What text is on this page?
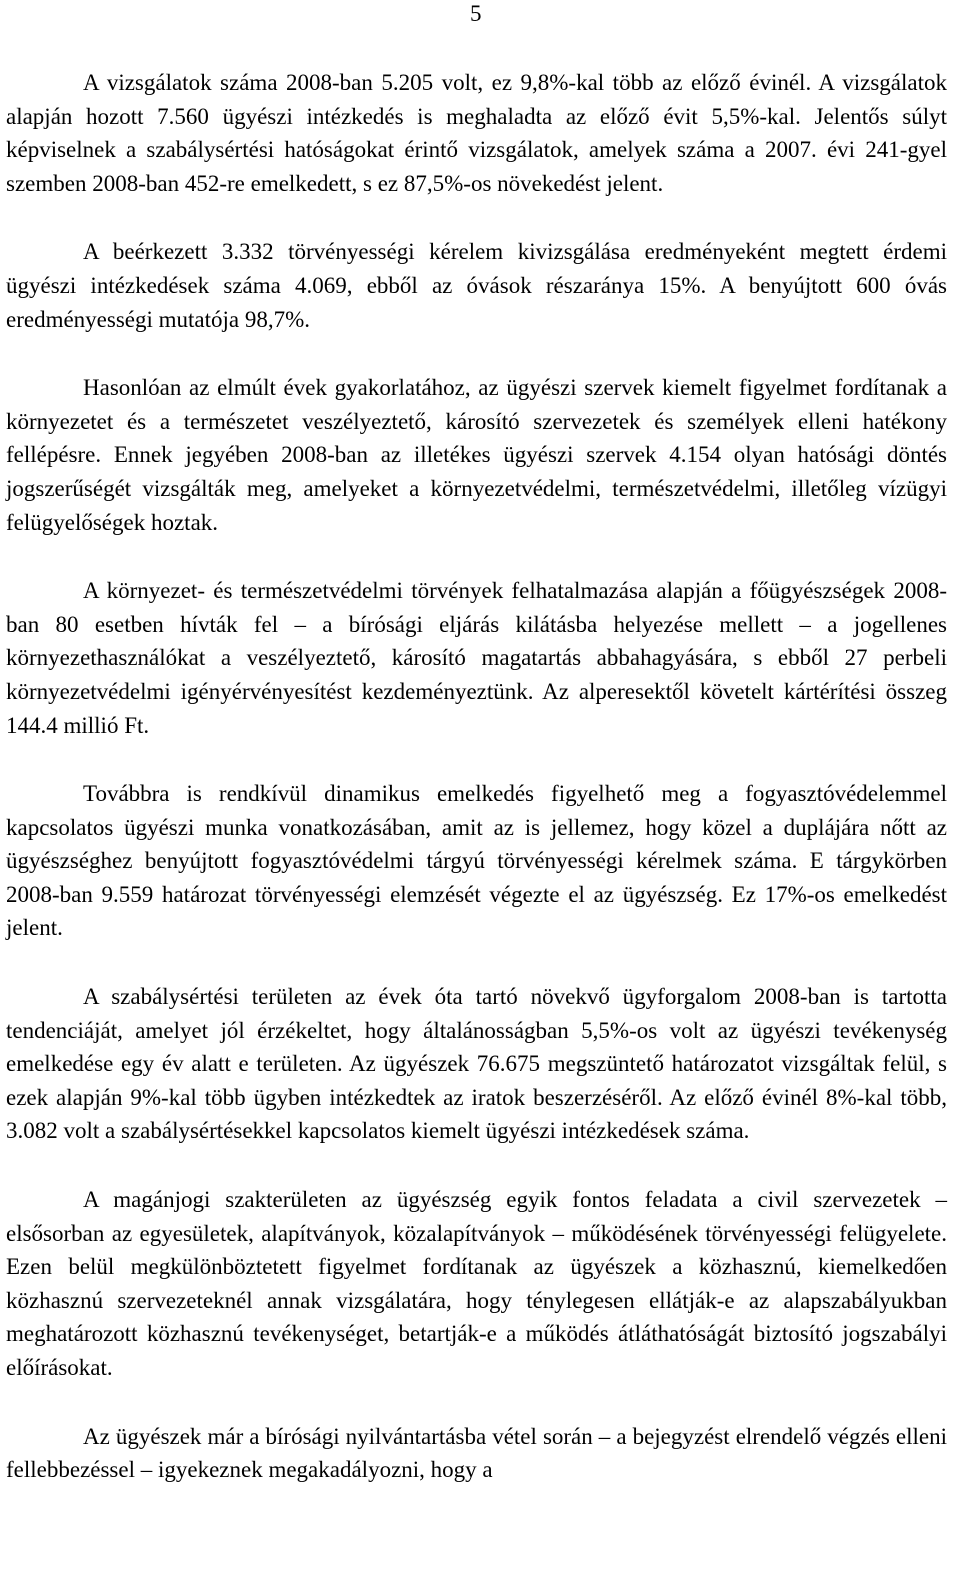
5

A vizsgálatok száma 2008-ban 5.205 volt, ez 9,8%-kal több az előző évinél. A vizsgálatok alapján hozott 7.560 ügyészi intézkedés is meghaladta az előző évit 5,5%-kal. Jelentős súlyt képviselnek a szabálysértési hatóságokat érintő vizsgálatok, amelyek száma a 2007. évi 241-gyel szemben 2008-ban 452-re emelkedett, s ez 87,5%-os növekedést jelent.

A beérkezett 3.332 törvényességi kérelem kivizsgálása eredményeként megtett érdemi ügyészi intézkedések száma 4.069, ebből az óvások részaránya 15%. A benyújtott 600 óvás eredményességi mutatója 98,7%.

Hasonlóan az elmúlt évek gyakorlatához, az ügyészi szervek kiemelt figyelmet fordítanak a környezetet és a természetet veszélyeztető, károsító szervezetek és személyek elleni hatékony fellépésre. Ennek jegyében 2008-ban az illetékes ügyészi szervek 4.154 olyan hatósági döntés jogszerűségét vizsgálták meg, amelyeket a környezetvédelmi, természetvédelmi, illetőleg vízügyi felügyelőségek hoztak.

A környezet- és természetvédelmi törvények felhatalmazása alapján a főügyészségek 2008-ban 80 esetben hívták fel – a bírósági eljárás kilátásba helyezése mellett – a jogellenes környezethasználókat a veszélyeztető, károsító magatartás abbahagyására, s ebből 27 perbeli környezetvédelmi igényérvényesítést kezdeményeztünk. Az alperesektől követelt kártérítési összeg 144.4 millió Ft.

Továbbra is rendkívül dinamikus emelkedés figyelhető meg a fogyasztóvédelemmel kapcsolatos ügyészi munka vonatkozásában, amit az is jellemez, hogy közel a duplájára nőtt az ügyészséghez benyújtott fogyasztóvédelmi tárgyú törvényességi kérelmek száma. E tárgykörben 2008-ban 9.559 határozat törvényességi elemzését végezte el az ügyészség. Ez 17%-os emelkedést jelent.

A szabálysértési területen az évek óta tartó növekvő ügyforgalom 2008-ban is tartotta tendenciáját, amelyet jól érzékeltet, hogy általánosságban 5,5%-os volt az ügyészi tevékenység emelkedése egy év alatt e területen. Az ügyészek 76.675 megszüntető határozatot vizsgáltak felül, s ezek alapján 9%-kal több ügyben intézkedtek az iratok beszerzéséről. Az előző évinél 8%-kal több, 3.082 volt a szabálysértésekkel kapcsolatos kiemelt ügyészi intézkedések száma.

A magánjogi szakterületen az ügyészség egyik fontos feladata a civil szervezetek – elsősorban az egyesületek, alapítványok, közalapítványok – működésének törvényességi felügyelete. Ezen belül megkülönböztetett figyelmet fordítanak az ügyészek a közhasznú, kiemelkedően közhasznú szervezeteknél annak vizsgálatára, hogy ténylegesen ellátják-e az alapszabályukban meghatározott közhasznú tevékenységet, betartják-e a működés átláthatóságát biztosító jogszabályi előírásokat.

Az ügyészek már a bírósági nyilvántartásba vétel során – a bejegyzést elrendelő végzés elleni fellebbezéssel – igyekeznek megakadályozni, hogy a
